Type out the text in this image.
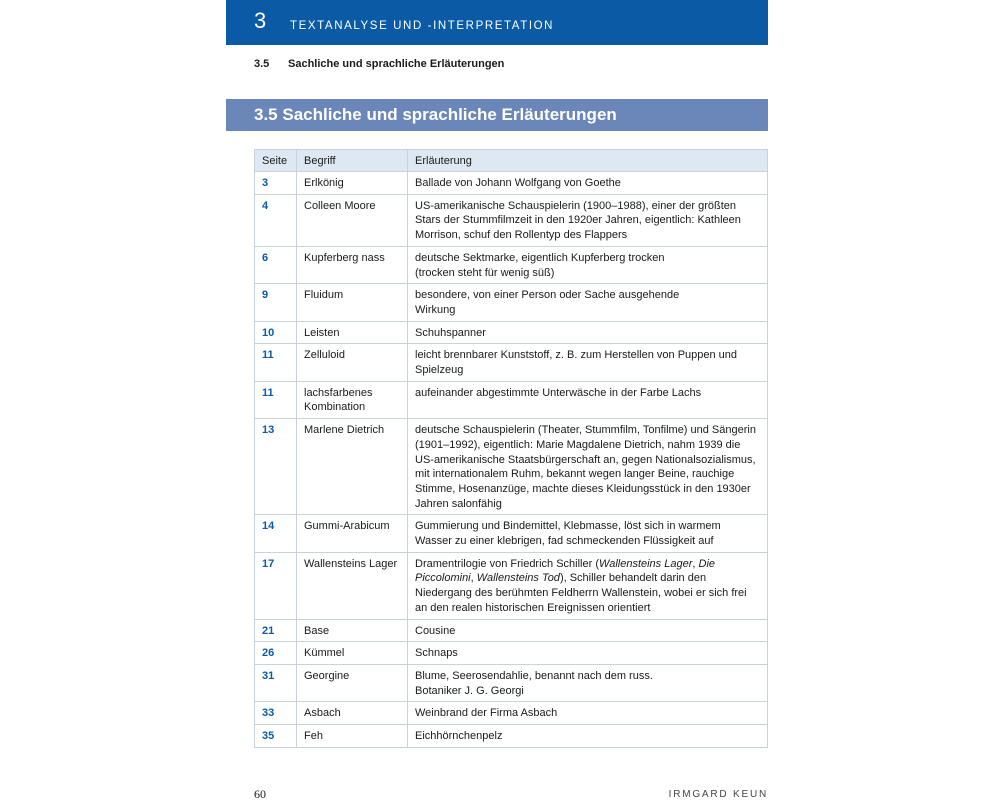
3 TEXTANALYSE UND -INTERPRETATION
3.5 Sachliche und sprachliche Erläuterungen
3.5 Sachliche und sprachliche Erläuterungen
Seite	Begriff	Erläuterung
3	Erlkönig	Ballade von Johann Wolfgang von Goethe
4	Colleen Moore	US-amerikanische Schauspielerin (1900–1988), einer der größten Stars der Stummfilmzeit in den 1920er Jahren, eigentlich: Kathleen Morrison, schuf den Rollentyp des Flappers
6	Kupferberg nass	deutsche Sektmarke, eigentlich Kupferberg trocken
(trocken steht für wenig süß)
9	Fluidum	besondere, von einer Person oder Sache ausgehende
Wirkung
10	Leisten	Schuhspanner
11	Zelluloid	leicht brennbarer Kunststoff, z. B. zum Herstellen von Puppen und Spielzeug
11	lachsfarbenes Kombination	aufeinander abgestimmte Unterwäsche in der Farbe Lachs
13	Marlene Dietrich	deutsche Schauspielerin (Theater, Stummfilm, Tonfilme) und Sängerin (1901–1992), eigentlich: Marie Magdalene Dietrich, nahm 1939 die US-amerikanische Staatsbürgerschaft an, gegen Nationalsozialismus, mit internationalem Ruhm, bekannt wegen langer Beine, rauchige Stimme, Hosenanzüge, machte dieses Kleidungsstück in den 1930er Jahren salonfähig
14	Gummi-Arabicum	Gummierung und Bindemittel, Klebmasse, löst sich in warmem Wasser zu einer klebrigen, fad schmeckenden Flüssigkeit auf
17	Wallensteins Lager	Dramentrilogie von Friedrich Schiller (Wallensteins Lager, Die Piccolomini, Wallensteins Tod), Schiller behandelt darin den Niedergang des berühmten Feldherrn Wallenstein, wobei er sich frei an den realen historischen Ereignissen orientiert
21	Base	Cousine
26	Kümmel	Schnaps
31	Georgine	Blume, Seerosendahlie, benannt nach dem russ.
Botaniker J. G. Georgi
33	Asbach	Weinbrand der Firma Asbach
35	Feh	Eichhörnchenpelz
60	IRMGARD KEUN
